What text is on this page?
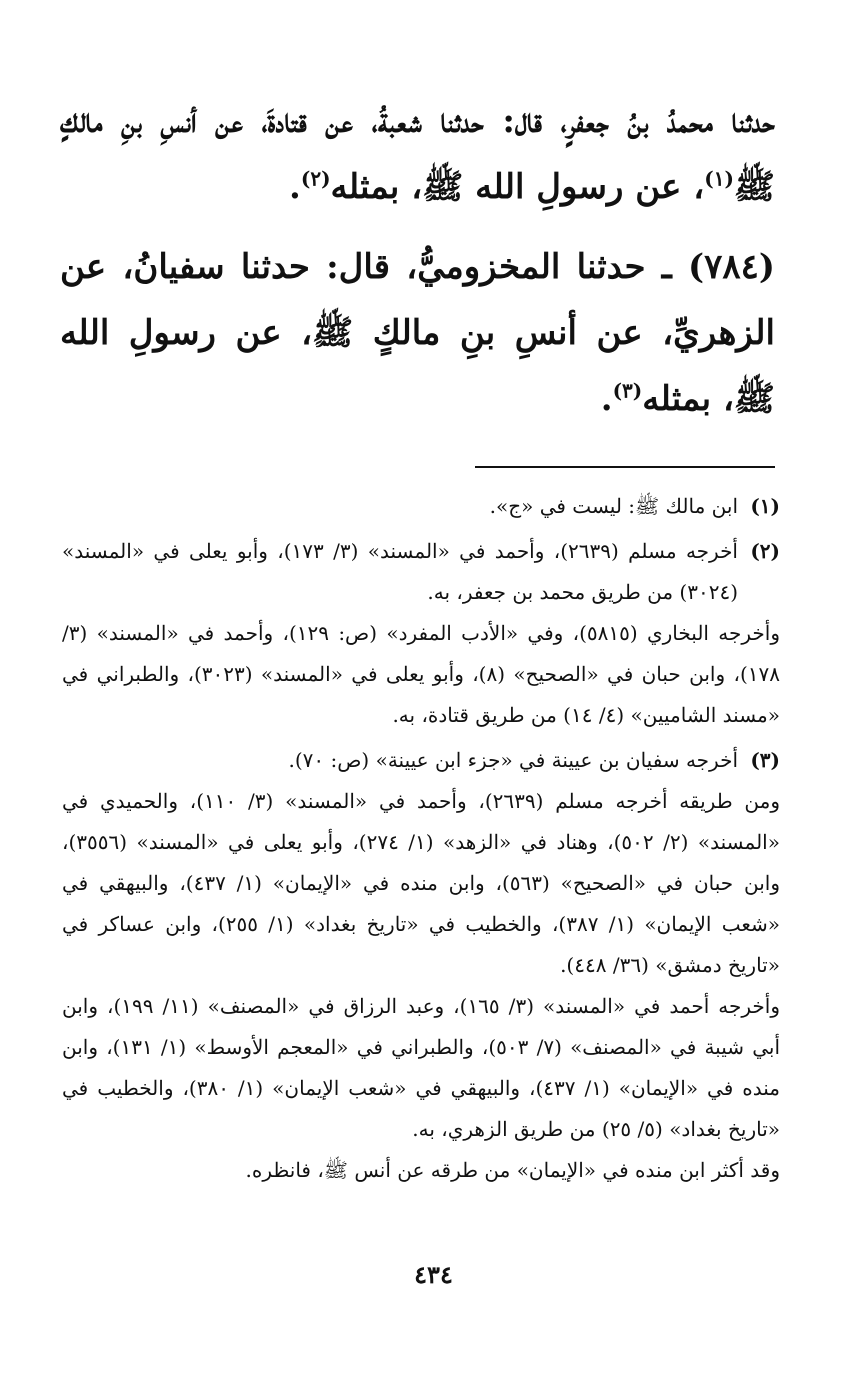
حدثنا محمدُ بنُ جعفرٍ، قال: حدثنا شعبةُ، عن قتادةَ، عن أنسِ بنِ مالكٍ ﷺ$^{(١)}$، عن رسولِ الله ﷺ، بمثله$^{(٢)}$.

(٧٨٤) ـ حدثنا المخزوميُّ، قال: حدثنا سفيانُ، عن الزهريِّ، عن أنسِ بنِ مالكٍ ﷺ، عن رسولِ الله ﷺ، بمثله$^{(٣)}$.

(١)

ابن مالك ﷺ: ليست في «ج».

(٢)

أخرجه مسلم (٢٦٣٩)، وأحمد في «المسند» (٣/ ١٧٣)، وأبو يعلى في «المسند» (٣٠٢٤) من طريق محمد بن جعفر، به.

وأخرجه البخاري (٥٨١٥)، وفي «الأدب المفرد» (ص: ١٢٩)، وأحمد في «المسند» (٣/ ١٧٨)، وابن حبان في «الصحيح» (٨)، وأبو يعلى في «المسند» (٣٠٢٣)، والطبراني في «مسند الشاميين» (٤/ ١٤) من طريق قتادة، به.

(٣)

أخرجه سفيان بن عيينة في «جزء ابن عيينة» (ص: ٧٠).

ومن طريقه أخرجه مسلم (٢٦٣٩)، وأحمد في «المسند» (٣/ ١١٠)، والحميدي في «المسند» (٢/ ٥٠٢)، وهناد في «الزهد» (١/ ٢٧٤)، وأبو يعلى في «المسند» (٣٥٥٦)، وابن حبان في «الصحيح» (٥٦٣)، وابن منده في «الإيمان» (١/ ٤٣٧)، والبيهقي في «شعب الإيمان» (١/ ٣٨٧)، والخطيب في «تاريخ بغداد» (١/ ٢٥٥)، وابن عساكر في «تاريخ دمشق» (٣٦/ ٤٤٨).

وأخرجه أحمد في «المسند» (٣/ ١٦٥)، وعبد الرزاق في «المصنف» (١١/ ١٩٩)، وابن أبي شيبة في «المصنف» (٧/ ٥٠٣)، والطبراني في «المعجم الأوسط» (١/ ١٣١)، وابن منده في «الإيمان» (١/ ٤٣٧)، والبيهقي في «شعب الإيمان» (١/ ٣٨٠)، والخطيب في «تاريخ بغداد» (٥/ ٢٥) من طريق الزهري، به.

وقد أكثر ابن منده في «الإيمان» من طرقه عن أنس ﷺ، فانظره.

٤٣٤
